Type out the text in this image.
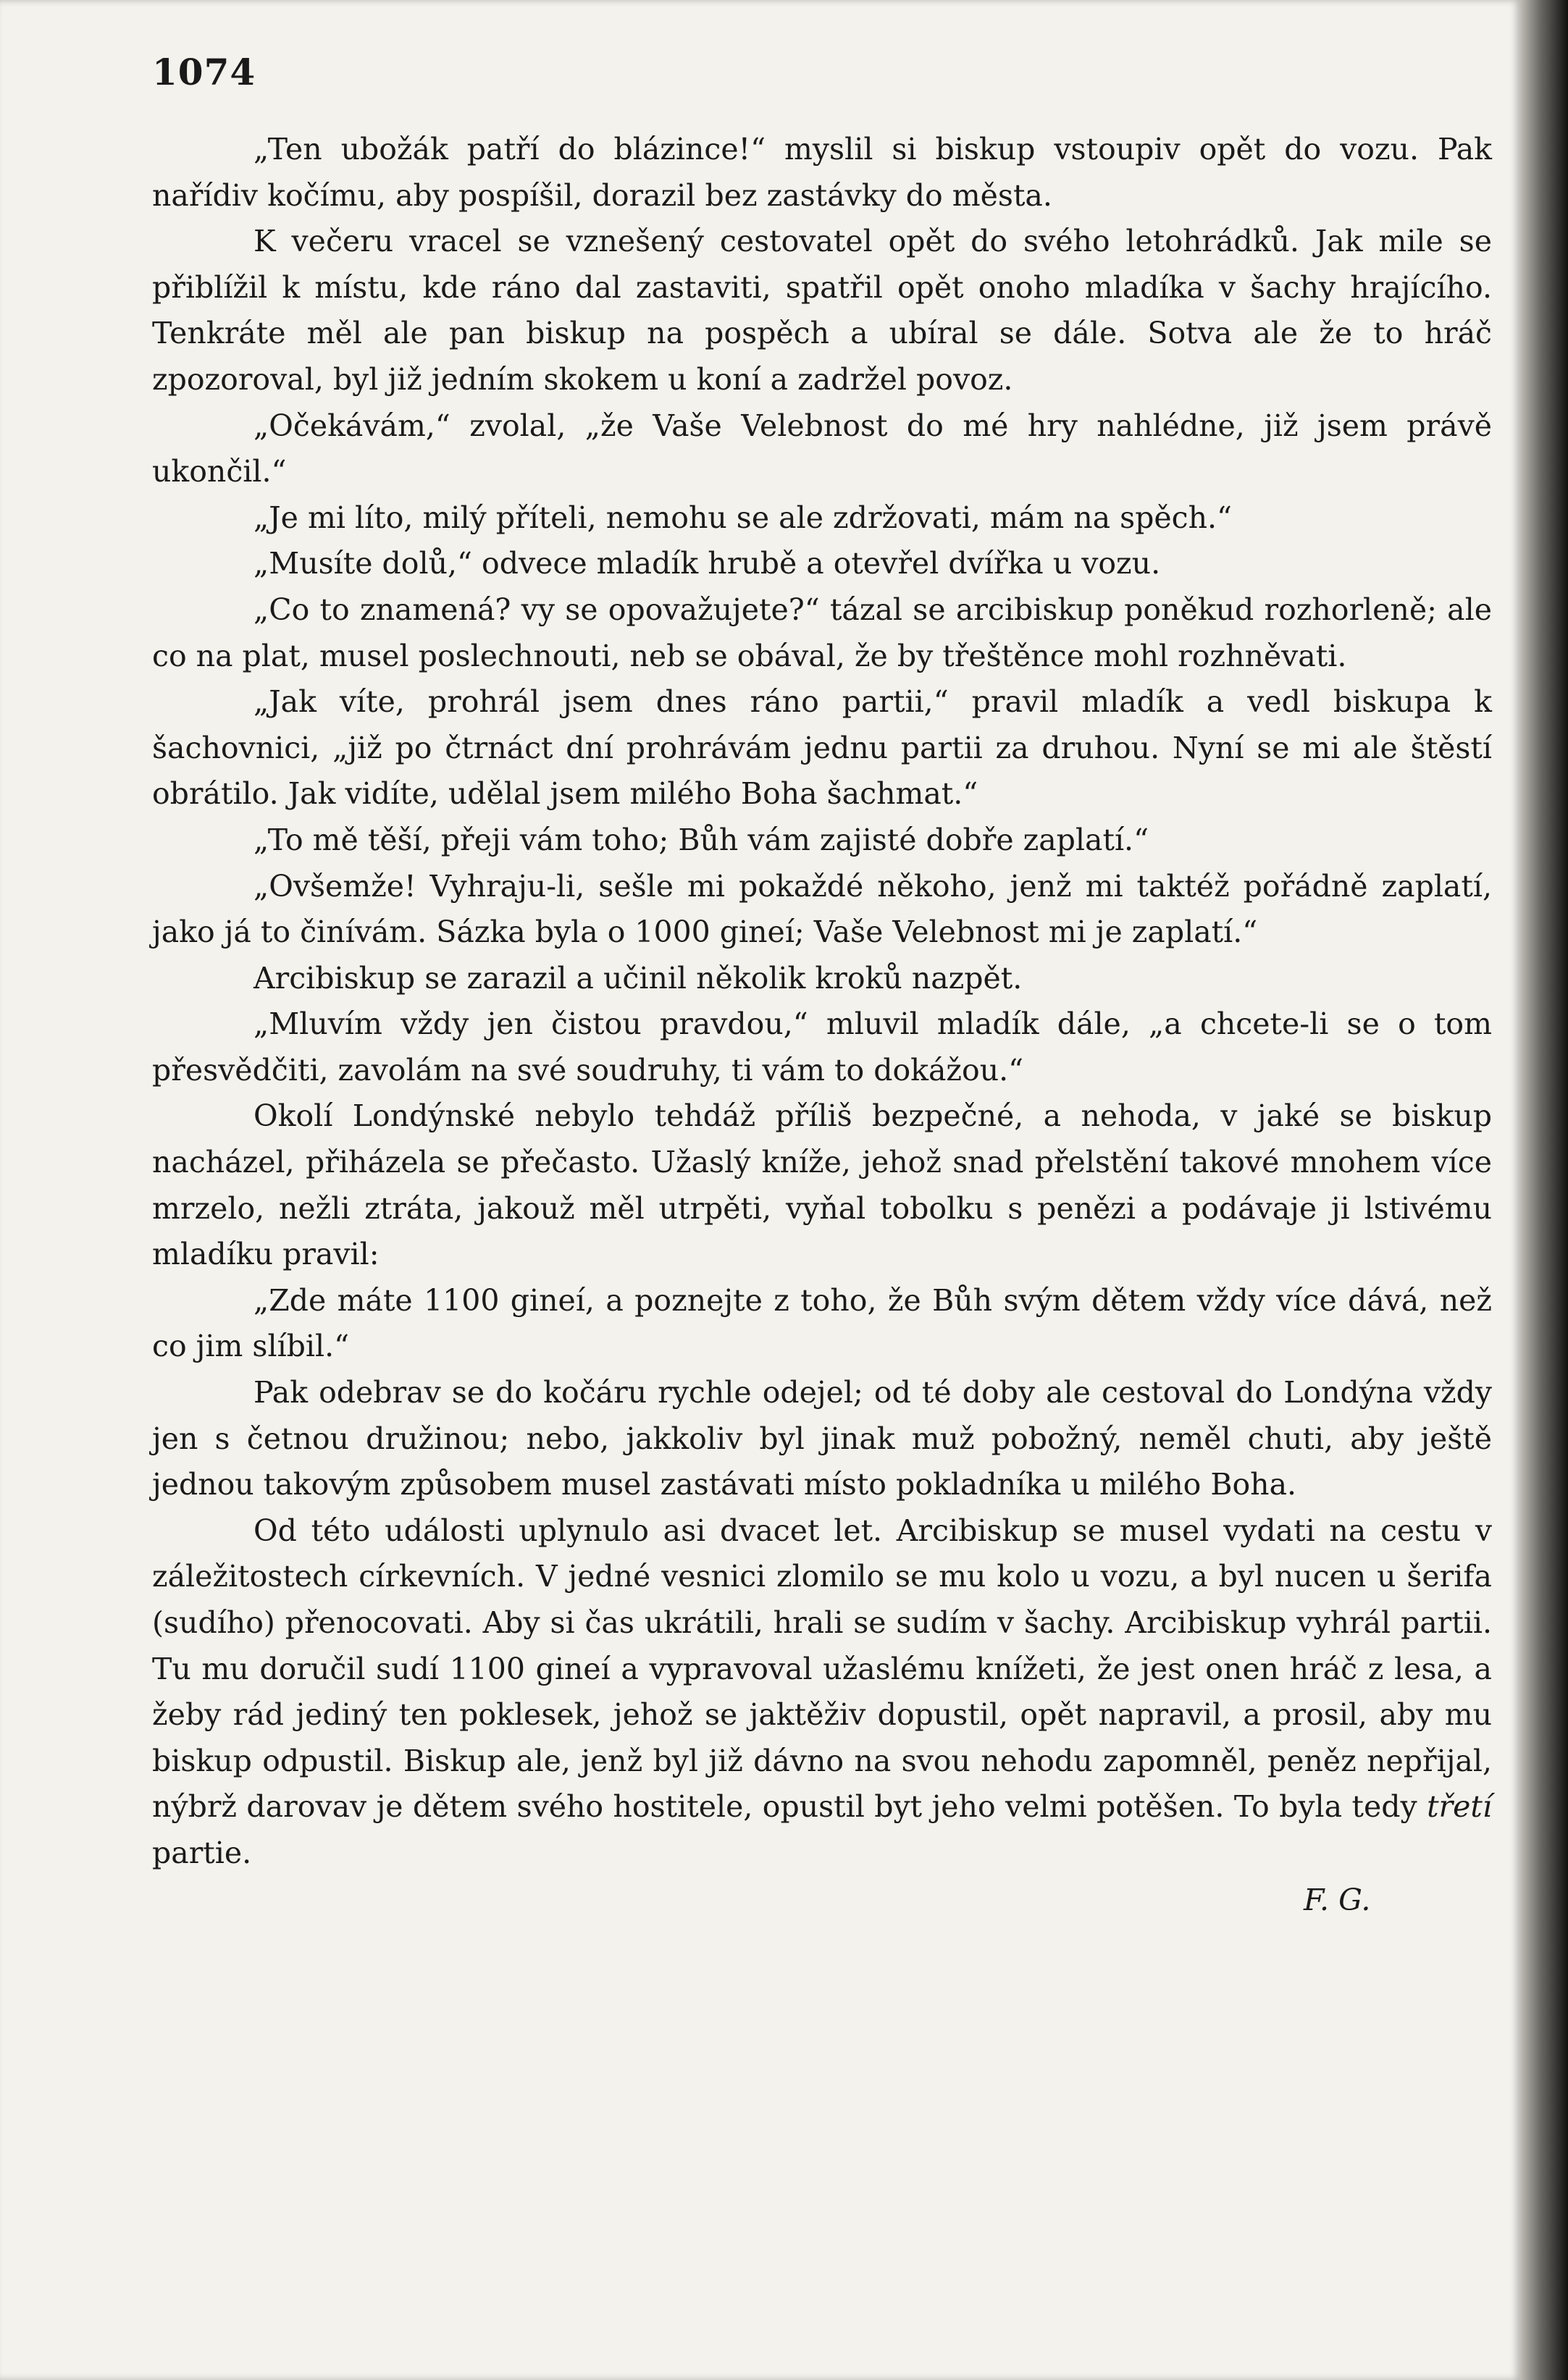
1074

„Ten ubožák patří do blázince!“ myslil si biskup vstoupiv opět do vozu. Pak nařídiv kočímu, aby pospíšil, dorazil bez zastávky do města.

K večeru vracel se vznešený cestovatel opět do svého letohrádků. Jak mile se přiblížil k místu, kde ráno dal zastaviti, spatřil opět onoho mladíka v šachy hrajícího. Tenkráte měl ale pan biskup na pospěch a ubíral se dále. Sotva ale že to hráč zpozoroval, byl již jedním skokem u koní a zadržel povoz.

„Očekávám,“ zvolal, „že Vaše Velebnost do mé hry nahlédne, již jsem právě ukončil.“

„Je mi líto, milý příteli, nemohu se ale zdržovati, mám na spěch.“

„Musíte dolů,“ odvece mladík hrubě a otevřel dvířka u vozu.

„Co to znamená? vy se opovažujete?“ tázal se arcibiskup poněkud rozhorleně; ale co na plat, musel poslechnouti, neb se obával, že by třeštěnce mohl rozhněvati.

„Jak víte, prohrál jsem dnes ráno partii,“ pravil mladík a vedl biskupa k šachovnici, „již po čtrnáct dní prohrávám jednu partii za druhou. Nyní se mi ale štěstí obrátilo. Jak vidíte, udělal jsem milého Boha šachmat.“

„To mě těší, přeji vám toho; Bůh vám zajisté dobře zaplatí.“

„Ovšemže! Vyhraju-li, sešle mi pokaždé někoho, jenž mi taktéž pořádně zaplatí, jako já to činívám. Sázka byla o 1000 gineí; Vaše Velebnost mi je zaplatí.“

Arcibiskup se zarazil a učinil několik kroků nazpět.

„Mluvím vždy jen čistou pravdou,“ mluvil mladík dále, „a chcete-li se o tom přesvědčiti, zavolám na své soudruhy, ti vám to dokážou.“

Okolí Londýnské nebylo tehdáž příliš bezpečné, a nehoda, v jaké se biskup nacházel, přiházela se přečasto. Užaslý kníže, jehož snad přelstění takové mnohem více mrzelo, nežli ztráta, jakouž měl utrpěti, vyňal tobolku s penězi a podávaje ji lstivému mladíku pravil:

„Zde máte 1100 gineí, a poznejte z toho, že Bůh svým dětem vždy více dává, než co jim slíbil.“

Pak odebrav se do kočáru rychle odejel; od té doby ale cestoval do Londýna vždy jen s četnou družinou; nebo, jakkoliv byl jinak muž pobožný, neměl chuti, aby ještě jednou takovým způsobem musel zastávati místo pokladníka u milého Boha.

Od této události uplynulo asi dvacet let. Arcibiskup se musel vydati na cestu v záležitostech církevních. V jedné vesnici zlomilo se mu kolo u vozu, a byl nucen u šerifa (sudího) přenocovati. Aby si čas ukrátili, hrali se sudím v šachy. Arcibiskup vyhrál partii. Tu mu doručil sudí 1100 gineí a vypravoval užaslému knížeti, že jest onen hráč z lesa, a žeby rád jediný ten poklesek, jehož se jaktěživ dopustil, opět napravil, a prosil, aby mu biskup odpustil. Biskup ale, jenž byl již dávno na svou nehodu zapomněl, peněz nepřijal, nýbrž darovav je dětem svého hostitele, opustil byt jeho velmi potěšen. To byla tedy třetí partie.

F. G.
